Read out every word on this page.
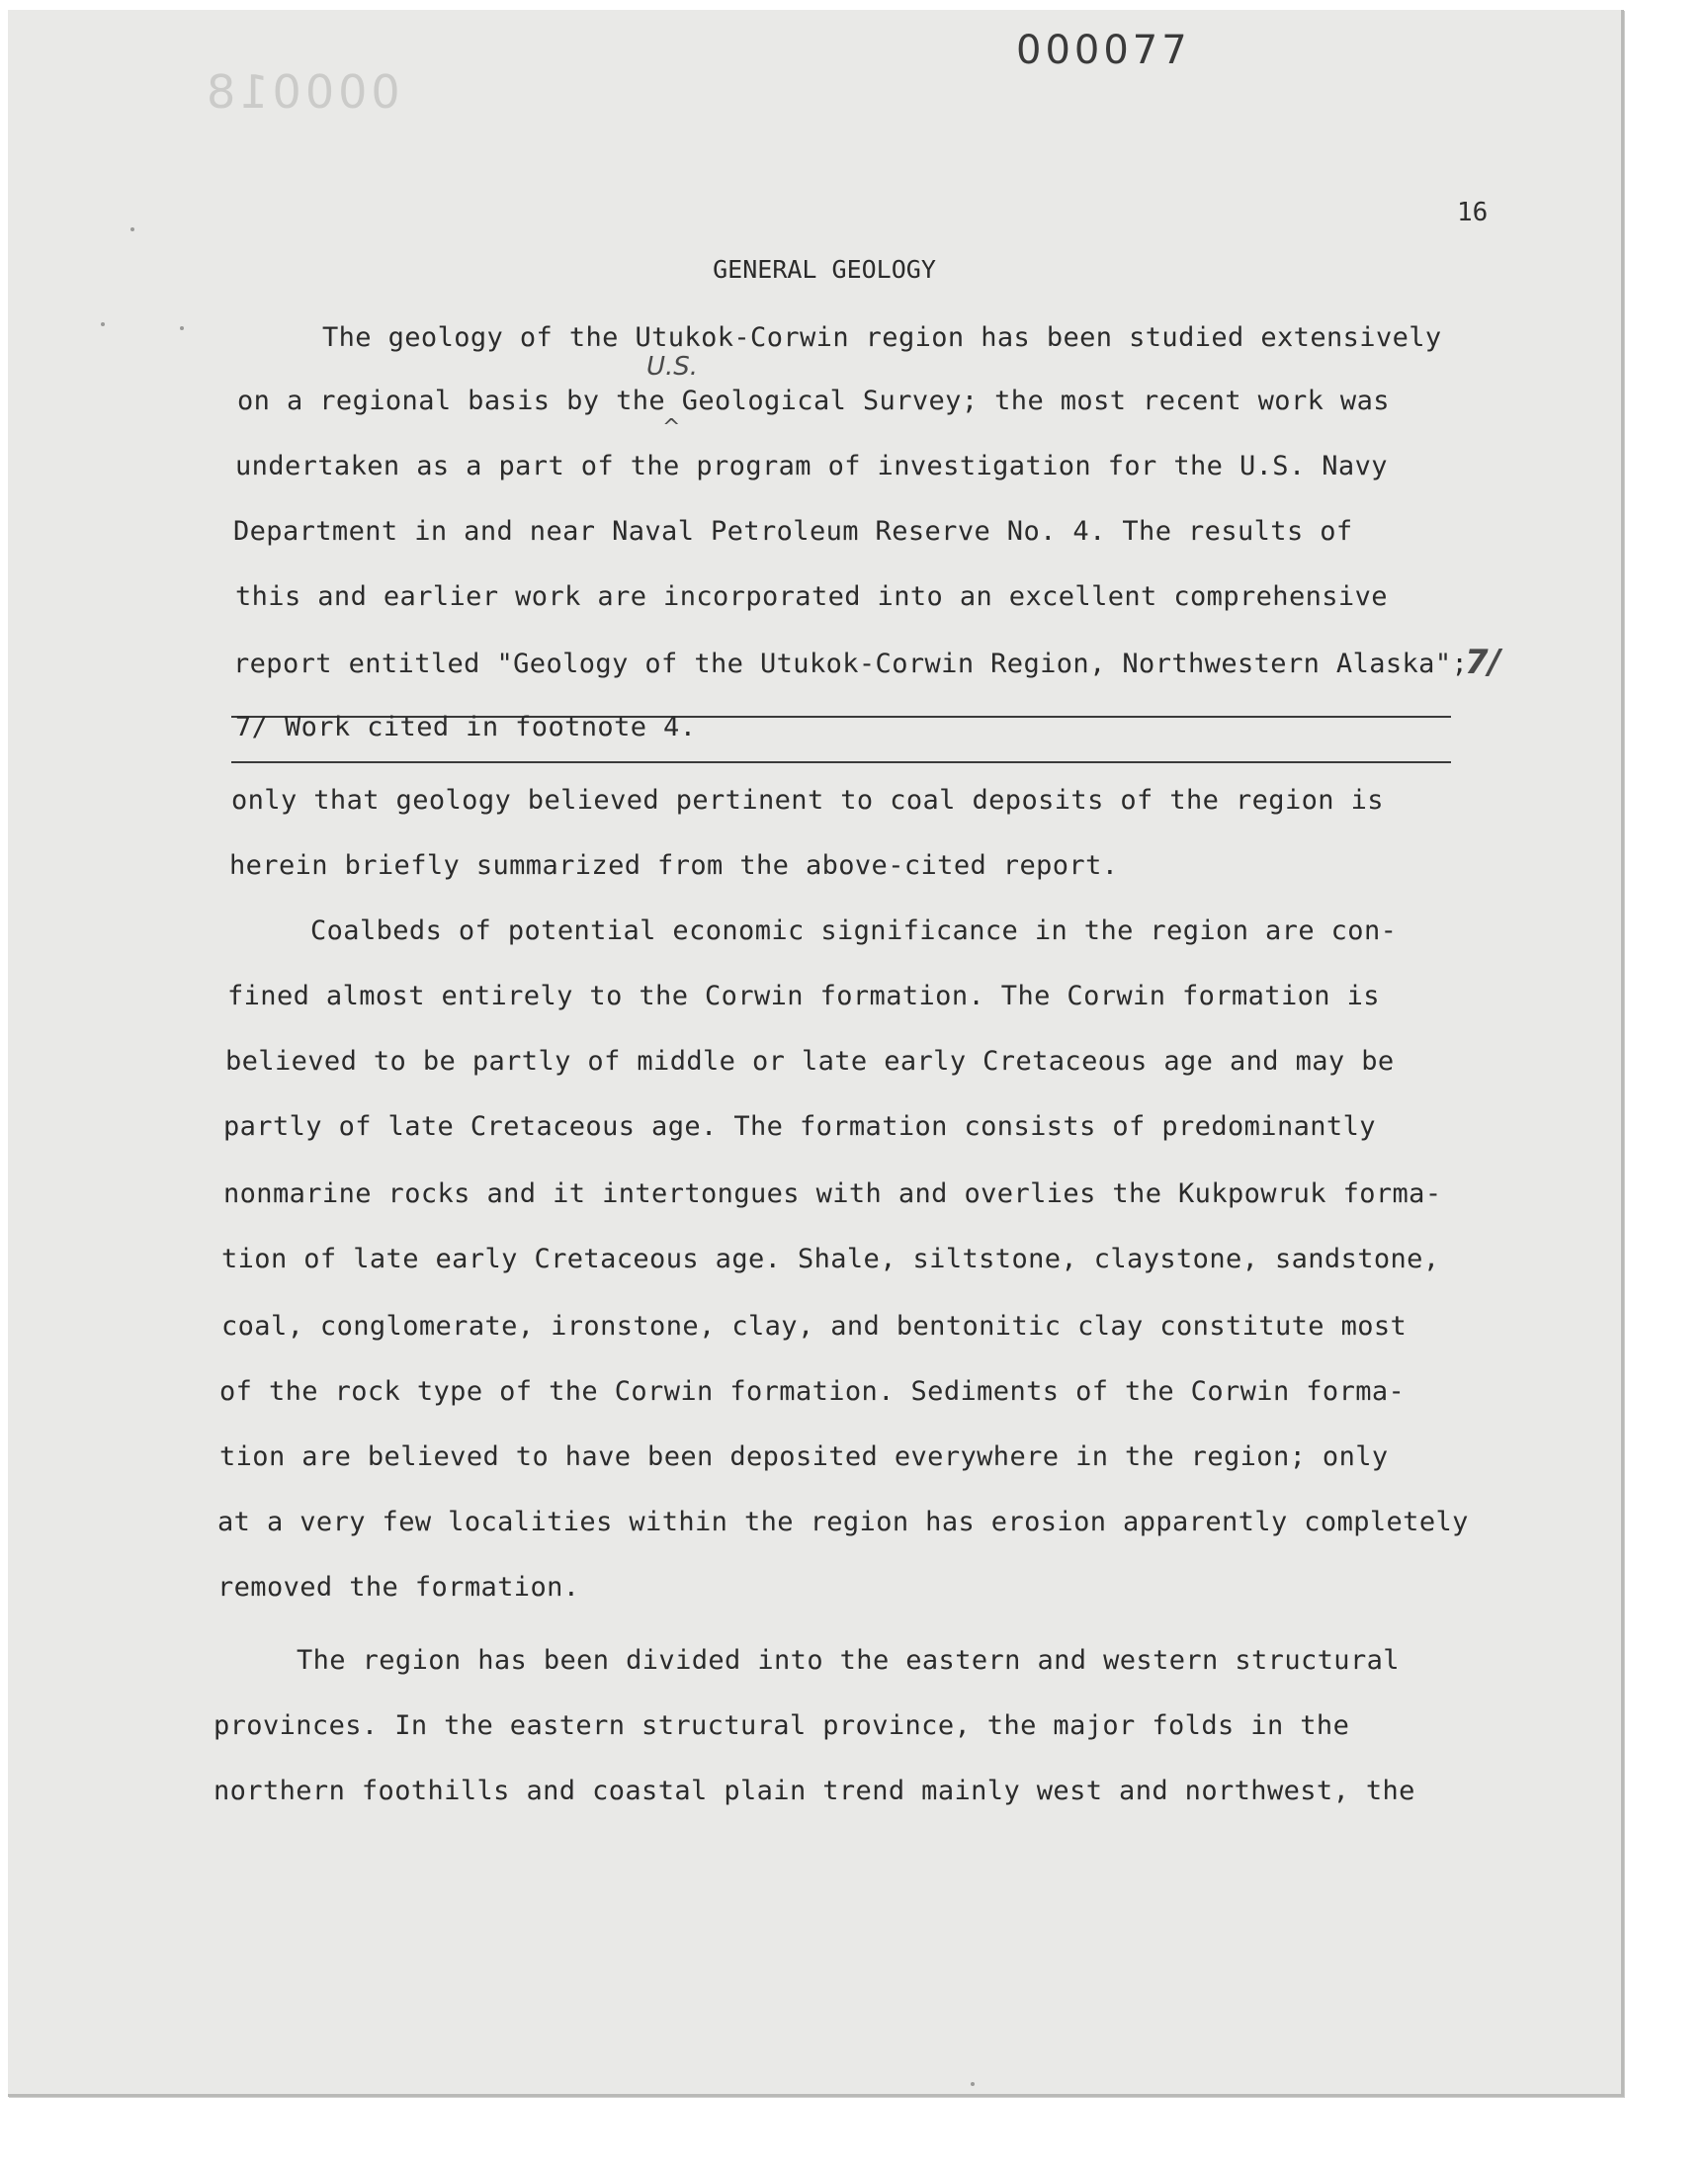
000018
000077
16
GENERAL GEOLOGY
U.S.
^
The geology of the Utukok-Corwin region has been studied extensively
on a regional basis by the Geological Survey; the most recent work was
undertaken as a part of the program of investigation for the U.S. Navy
Department in and near Naval Petroleum Reserve No. 4. The results of
this and earlier work are incorporated into an excellent comprehensive
report entitled "Geology of the Utukok-Corwin Region, Northwestern Alaska";
7/
7/ Work cited in footnote 4.
only that geology believed pertinent to coal deposits of the region is
herein briefly summarized from the above-cited report.
Coalbeds of potential economic significance in the region are con-
fined almost entirely to the Corwin formation. The Corwin formation is
believed to be partly of middle or late early Cretaceous age and may be
partly of late Cretaceous age. The formation consists of predominantly
nonmarine rocks and it intertongues with and overlies the Kukpowruk forma-
tion of late early Cretaceous age. Shale, siltstone, claystone, sandstone,
coal, conglomerate, ironstone, clay, and bentonitic clay constitute most
of the rock type of the Corwin formation. Sediments of the Corwin forma-
tion are believed to have been deposited everywhere in the region; only
at a very few localities within the region has erosion apparently completely
removed the formation.
The region has been divided into the eastern and western structural
provinces. In the eastern structural province, the major folds in the
northern foothills and coastal plain trend mainly west and northwest, the
